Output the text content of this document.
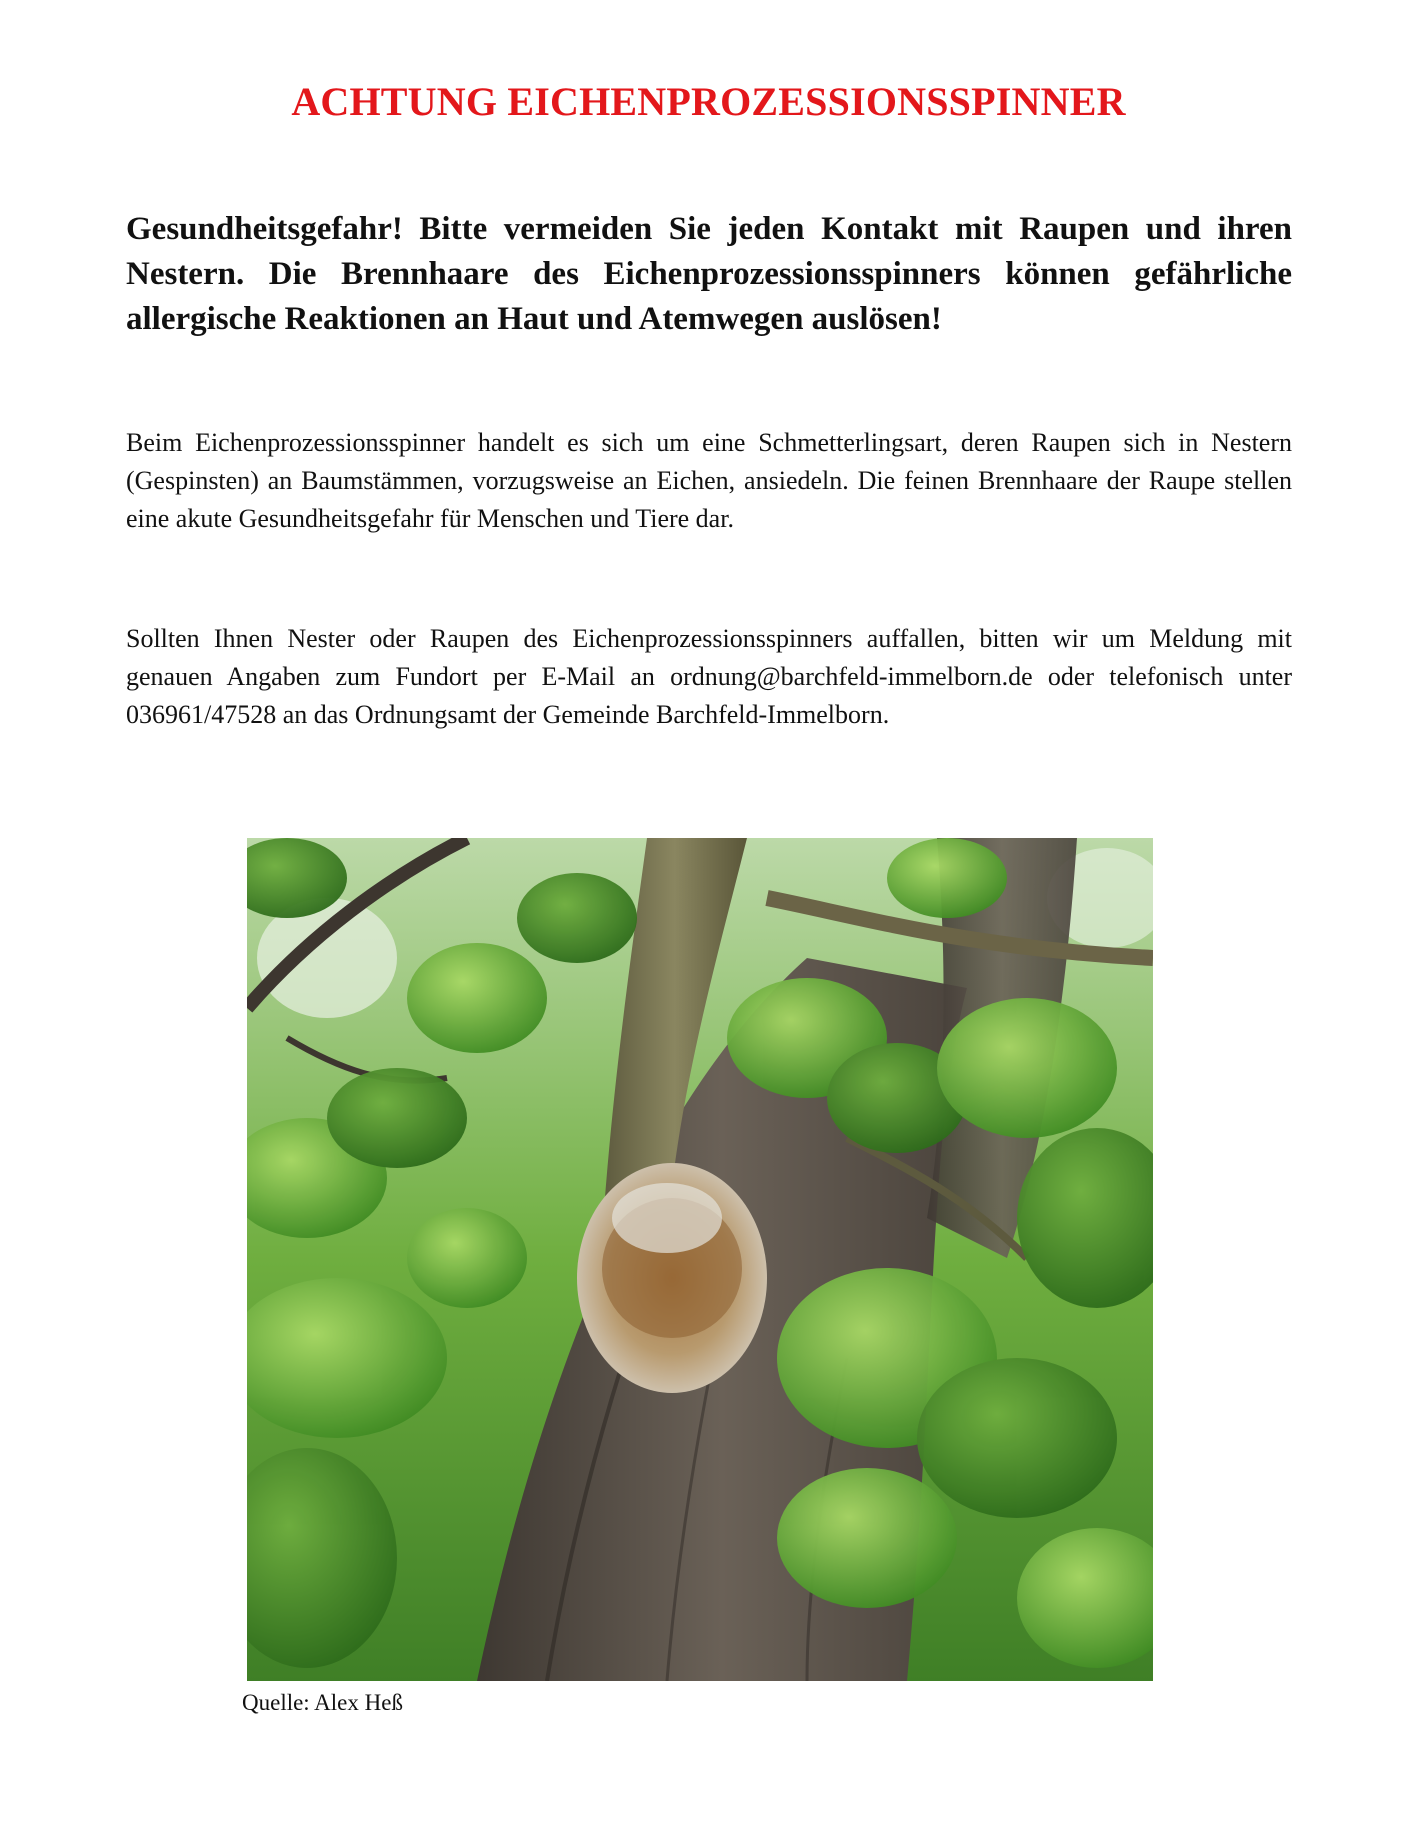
ACHTUNG EICHENPROZESSIONSSPINNER

Gesundheitsgefahr! Bitte vermeiden Sie jeden Kontakt mit Raupen und ihren Nestern. Die Brennhaare des Eichenprozessionsspinners können gefährliche allergische Reaktionen an Haut und Atemwegen auslösen!

Beim Eichenprozessionsspinner handelt es sich um eine Schmetterlingsart, deren Raupen sich in Nestern (Gespinsten) an Baumstämmen, vorzugsweise an Eichen, ansiedeln. Die feinen Brennhaare der Raupe stellen eine akute Gesundheitsgefahr für Menschen und Tiere dar.

Sollten Ihnen Nester oder Raupen des Eichenprozessionsspinners auffallen, bitten wir um Meldung mit genauen Angaben zum Fundort per E-Mail an ordnung@barchfeld-immelborn.de oder telefonisch unter 036961/47528 an das Ordnungsamt der Gemeinde Barchfeld-Immelborn.

Quelle: Alex Heß
